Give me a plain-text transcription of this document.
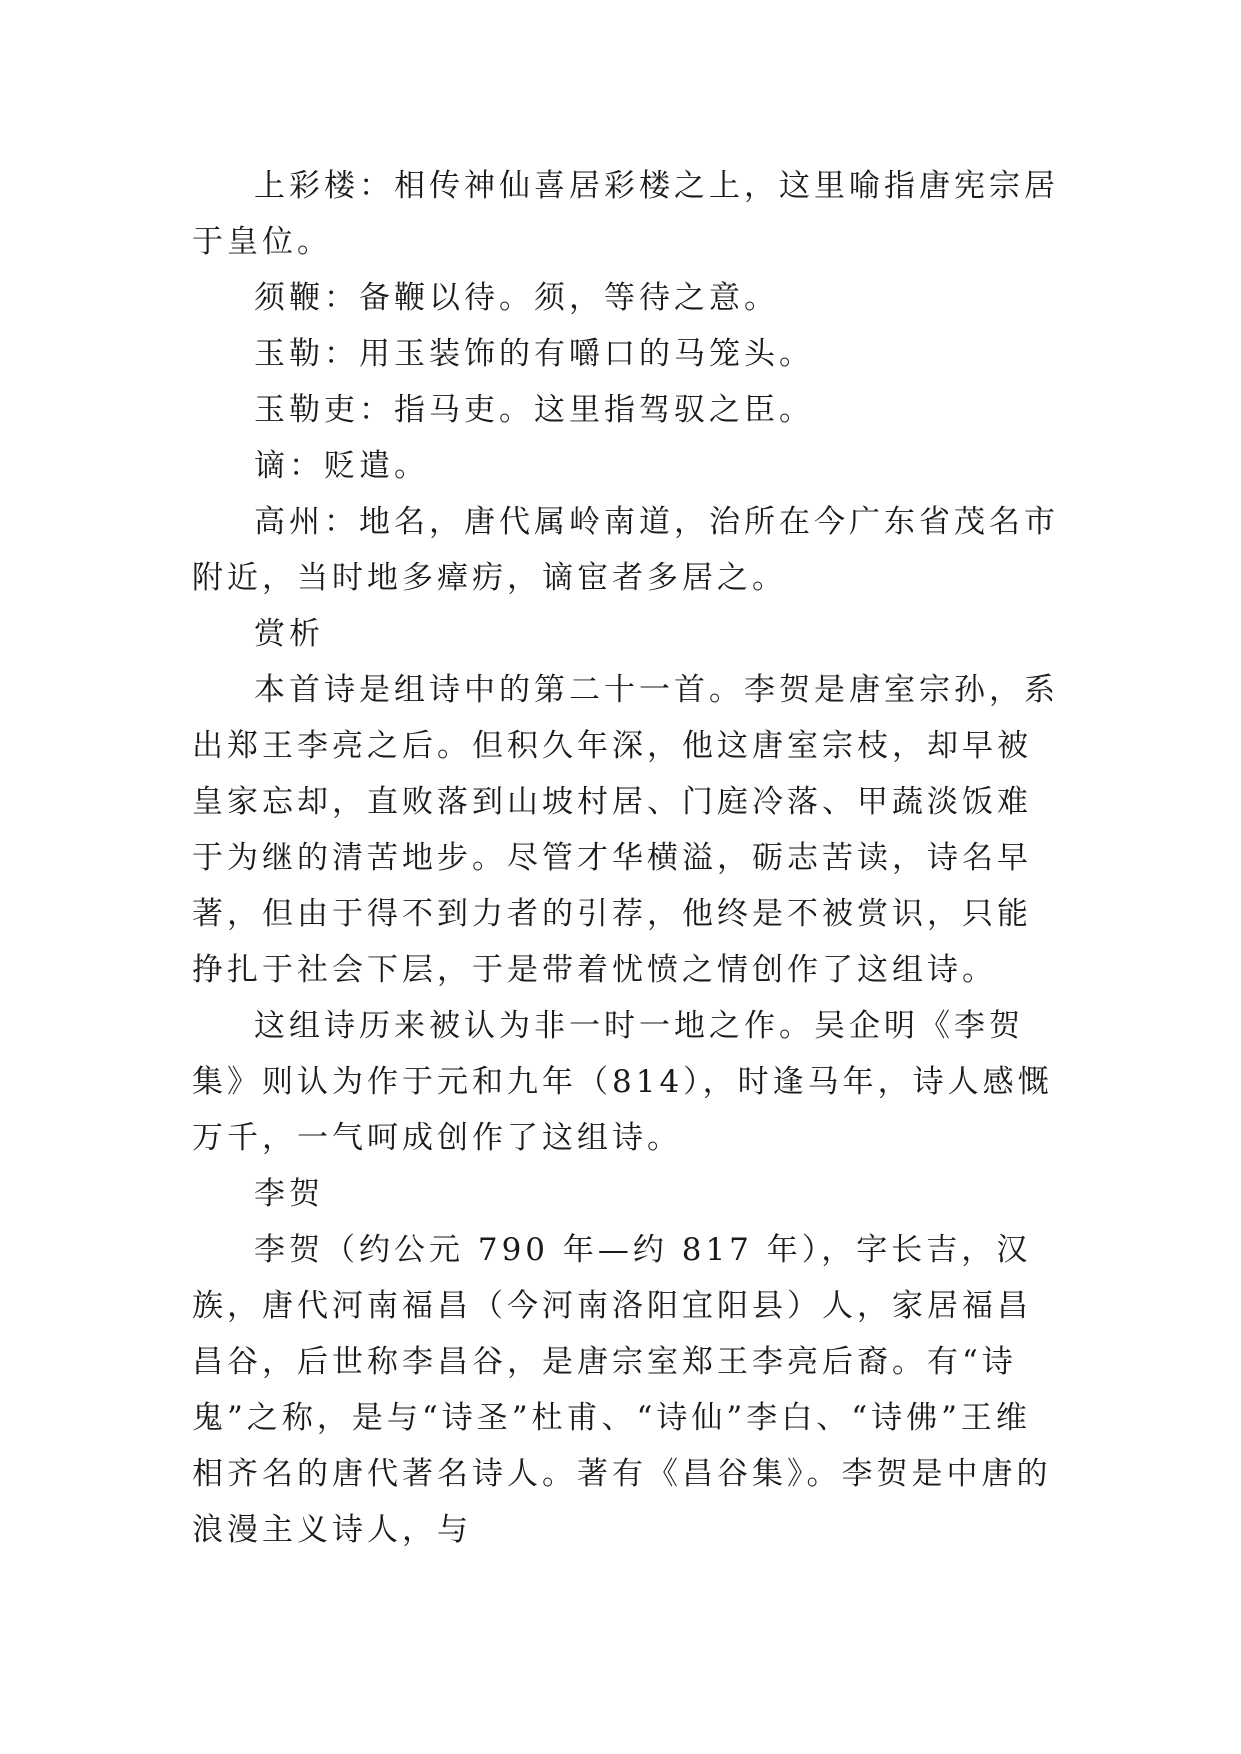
上彩楼：相传神仙喜居彩楼之上，这里喻指唐宪宗居于皇位。

须鞭：备鞭以待。须，等待之意。

玉勒：用玉装饰的有嚼口的马笼头。

玉勒吏：指马吏。这里指驾驭之臣。

谪：贬遣。

高州：地名，唐代属岭南道，治所在今广东省茂名市附近，当时地多瘴疠，谪宦者多居之。

赏析

本首诗是组诗中的第二十一首。李贺是唐室宗孙，系出郑王李亮之后。但积久年深，他这唐室宗枝，却早被皇家忘却，直败落到山坡村居、门庭冷落、甲蔬淡饭难于为继的清苦地步。尽管才华横溢，砺志苦读，诗名早著，但由于得不到力者的引荐，他终是不被赏识，只能挣扎于社会下层，于是带着忧愤之情创作了这组诗。

这组诗历来被认为非一时一地之作。吴企明《李贺集》则认为作于元和九年（814），时逢马年，诗人感慨万千，一气呵成创作了这组诗。

李贺

李贺（约公元 790 年—约 817 年），字长吉，汉族，唐代河南福昌（今河南洛阳宜阳县）人，家居福昌昌谷，后世称李昌谷，是唐宗室郑王李亮后裔。有“诗鬼”之称，是与“诗圣”杜甫、“诗仙”李白、“诗佛”王维相齐名的唐代著名诗人。著有《昌谷集》。李贺是中唐的浪漫主义诗人，与
